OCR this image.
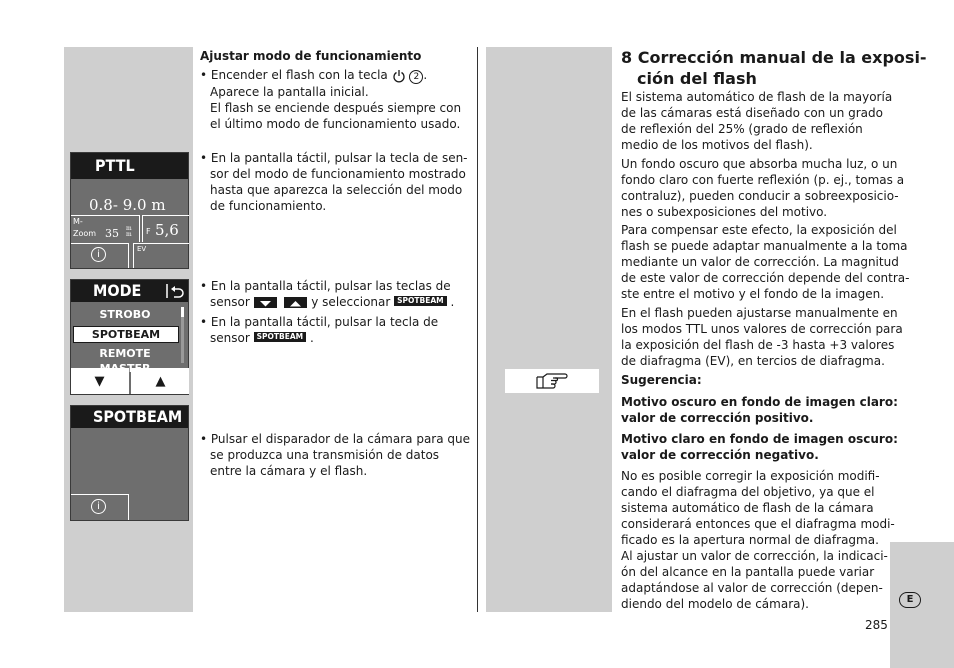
Ajustar modo de funcionamiento
• Encender el flash con la tecla	2 .
Aparece la pantalla inicial.
El flash se enciende después siempre con
el último modo de funcionamiento usado.
• En la pantalla táctil, pulsar la tecla de sen-
sor del modo de funcionamiento mostrado
hasta que aparezca la selección del modo
de funcionamiento.
• En la pantalla táctil, pulsar las teclas de
sensor	y seleccionar SPOTBEAM .
• En la pantalla táctil, pulsar la tecla de
sensor SPOTBEAM .
• Pulsar el disparador de la cámara para que
se produzca una transmisión de datos
entre la cámara y el flash.
PTTL
0.8- 9.0 m
M-
Zoom 35 m
m F 5,6
i	EV
MODE
STROBO
SPOTBEAM
REMOTE
▼	▲
SPOTBEAM
i
8 Corrección manual de la exposi-
ción del flash
El sistema automático de flash de la mayoría
de las cámaras está diseñado con un grado
de reflexión del 25% (grado de reflexión
medio de los motivos del flash).
Un fondo oscuro que absorba mucha luz, o un
fondo claro con fuerte reflexión (p. ej., tomas a
contraluz), pueden conducir a sobreexposicio-
nes o subexposiciones del motivo.
Para compensar este efecto, la exposición del
flash se puede adaptar manualmente a la toma
mediante un valor de corrección. La magnitud
de este valor de corrección depende del contra-
ste entre el motivo y el fondo de la imagen.
En el flash pueden ajustarse manualmente en
los modos TTL unos valores de corrección para
la exposición del flash de -3 hasta +3 valores
de diafragma (EV), en tercios de diafragma.
Sugerencia:
Motivo oscuro en fondo de imagen claro:
valor de corrección positivo.
Motivo claro en fondo de imagen oscuro:
valor de corrección negativo.
No es posible corregir la exposición modifi-
cando el diafragma del objetivo, ya que el
sistema automático de flash de la cámara
considerará entonces que el diafragma modi-
ficado es la apertura normal de diafragma.
Al ajustar un valor de corrección, la indicaci-
ón del alcance en la pantalla puede variar
adaptándose al valor de corrección (depen-
diendo del modelo de cámara).	E
285
